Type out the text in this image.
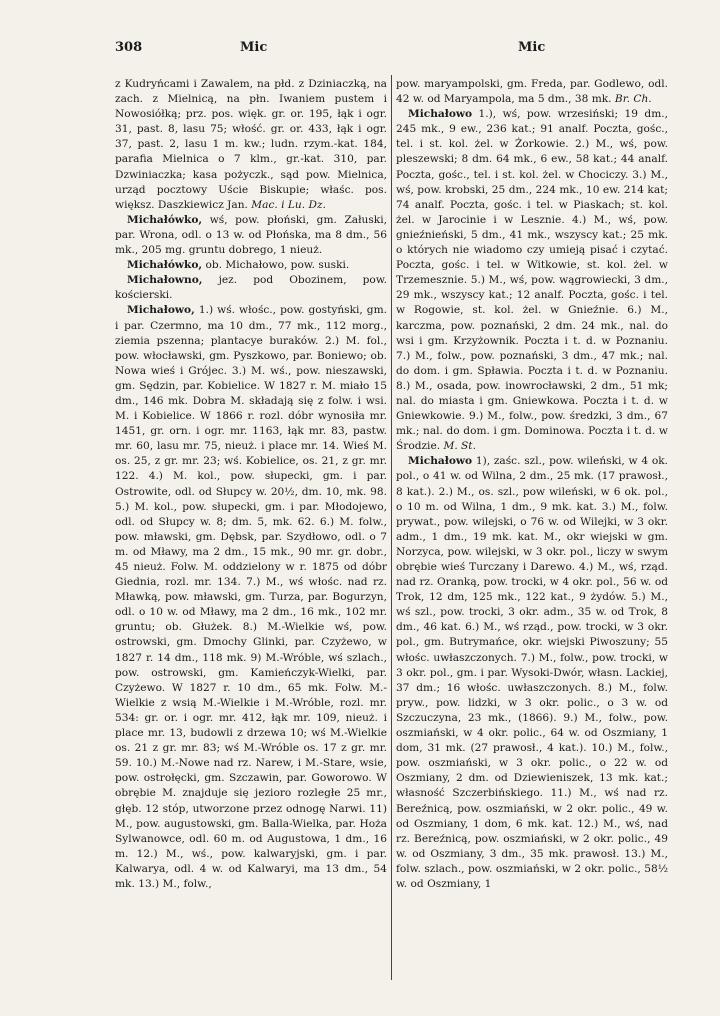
308	Mic	Mic

z Kudryńcami i Zawalem, na płd. z Dziniaczką, na zach. z Mielnicą, na płn. Iwaniem pustem i Nowosiółką; prz. pos. więk. gr. or. 195, łąk i ogr. 31, past. 8, lasu 75; włość. gr. or. 433, łąk i ogr. 37, past. 2, lasu 1 m. kw.; ludn. rzym.-kat. 184, parafia Mielnica o 7 klm., gr.-kat. 310, par. Dzwiniaczka; kasa pożyczk., sąd pow. Mielnica, urząd pocztowy Uście Biskupie; właśc. pos. większ. Daszkiewicz Jan. Mac. i Lu. Dz.

Michałówko, wś, pow. płoński, gm. Załuski, par. Wrona, odl. o 13 w. od Płońska, ma 8 dm., 56 mk., 205 mg. gruntu dobrego, 1 nieuż.

Michałówko, ob. Michałowo, pow. suski.

Michałowno, jez. pod Obozinem, pow. kościerski.

Michałowo, 1.) wś. włośc., pow. gostyński, gm. i par. Czermno, ma 10 dm., 77 mk., 112 morg., ziemia pszenna; plantacye buraków. 2.) M. fol., pow. włocławski, gm. Pyszkowo, par. Boniewo; ob. Nowa wieś i Grójec. 3.) M. wś., pow. nieszawski, gm. Sędzin, par. Kobielice. W 1827 r. M. miało 15 dm., 146 mk. Dobra M. składają się z folw. i wsi. M. i Kobielice. W 1866 r. rozl. dóbr wynosiła mr. 1451, gr. orn. i ogr. mr. 1163, łąk mr. 83, pastw. mr. 60, lasu mr. 75, nieuż. i place mr. 14. Wieś M. os. 25, z gr. mr. 23; wś. Kobielice, os. 21, z gr. mr. 122. 4.) M. kol., pow. słupecki, gm. i par. Ostrowite, odl. od Słupcy w. 20½, dm. 10, mk. 98. 5.) M. kol., pow. słupecki, gm. i par. Młodojewo, odl. od Słupcy w. 8; dm. 5, mk. 62. 6.) M. folw., pow. mławski, gm. Dębsk, par. Szydłowo, odl. o 7 m. od Mławy, ma 2 dm., 15 mk., 90 mr. gr. dobr., 45 nieuż. Folw. M. oddzielony w r. 1875 od dóbr Giednia, rozl. mr. 134. 7.) M., wś włośc. nad rz. Mławką, pow. mławski, gm. Turza, par. Bogurzyn, odl. o 10 w. od Mławy, ma 2 dm., 16 mk., 102 mr. gruntu; ob. Głużek. 8.) M.-Wielkie wś, pow. ostrowski, gm. Dmochy Glinki, par. Czyżewo, w 1827 r. 14 dm., 118 mk. 9) M.-Wróble, wś szlach., pow. ostrowski, gm. Kamieńczyk-Wielki, par. Czyżewo. W 1827 r. 10 dm., 65 mk. Folw. M.-Wielkie z wsią M.-Wielkie i M.-Wróble, rozl. mr. 534: gr. or. i ogr. mr. 412, łąk mr. 109, nieuż. i place mr. 13, budowli z drzewa 10; wś M.-Wielkie os. 21 z gr. mr. 83; wś M.-Wróble os. 17 z gr. mr. 59. 10.) M.-Nowe nad rz. Narew, i M.-Stare, wsie, pow. ostrołęcki, gm. Szczawin, par. Goworowo. W obrębie M. znajduje się jezioro rozległe 25 mr., głęb. 12 stóp, utworzone przez odnogę Narwi. 11) M., pow. augustowski, gm. Balla-Wielka, par. Hoża Sylwanowce, odl. 60 m. od Augustowa, 1 dm., 16 m. 12.) M., wś., pow. kalwaryjski, gm. i par. Kalwarya, odl. 4 w. od Kalwaryi, ma 13 dm., 54 mk. 13.) M., folw.,

pow. maryampolski, gm. Freda, par. Godlewo, odl. 42 w. od Maryampola, ma 5 dm., 38 mk. Br. Ch.

Michałowo 1.), wś, pow. wrzesiński; 19 dm., 245 mk., 9 ew., 236 kat.; 91 analf. Poczta, gośc., tel. i st. kol. żel. w Żorkowie. 2.) M., wś, pow. pleszewski; 8 dm. 64 mk., 6 ew., 58 kat.; 44 analf. Poczta, gośc., tel. i st. kol. żel. w Chociczy. 3.) M., wś, pow. krobski, 25 dm., 224 mk., 10 ew. 214 kat; 74 analf. Poczta, gośc. i tel. w Piaskach; st. kol. żel. w Jarocinie i w Lesznie. 4.) M., wś, pow. gnieźnieński, 5 dm., 41 mk., wszyscy kat.; 25 mk. o których nie wiadomo czy umieją pisać i czytać. Poczta, gośc. i tel. w Witkowie, st. kol. żel. w Trzemesznie. 5.) M., wś, pow. wągrowiecki, 3 dm., 29 mk., wszyscy kat.; 12 analf. Poczta, gośc. i tel. w Rogowie, st. kol. żel. w Gnieźnie. 6.) M., karczma, pow. poznański, 2 dm. 24 mk., nal. do wsi i gm. Krzyżownik. Poczta i t. d. w Poznaniu. 7.) M., folw., pow. poznański, 3 dm., 47 mk.; nal. do dom. i gm. Spławia. Poczta i t. d. w Poznaniu. 8.) M., osada, pow. inowrocławski, 2 dm., 51 mk; nal. do miasta i gm. Gniewkowa. Poczta i t. d. w Gniewkowie. 9.) M., folw., pow. średzki, 3 dm., 67 mk.; nal. do dom. i gm. Dominowa. Poczta i t. d. w Środzie. M. St.

Michałowo 1), zaśc. szl., pow. wileński, w 4 ok. pol., o 41 w. od Wilna, 2 dm., 25 mk. (17 prawosł., 8 kat.). 2.) M., os. szl., pow wileński, w 6 ok. pol., o 10 m. od Wilna, 1 dm., 9 mk. kat. 3.) M., folw. prywat., pow. wilejski, o 76 w. od Wilejki, w 3 okr. adm., 1 dm., 19 mk. kat. M., okr wiejski w gm. Norzyca, pow. wilejski, w 3 okr. pol., liczy w swym obrębie wieś Turczany i Darewo. 4.) M., wś, rząd. nad rz. Oranką, pow. trocki, w 4 okr. pol., 56 w. od Trok, 12 dm, 125 mk., 122 kat., 9 żydów. 5.) M., wś szl., pow. trocki, 3 okr. adm., 35 w. od Trok, 8 dm., 46 kat. 6.) M., wś rząd., pow. trocki, w 3 okr. pol., gm. Butrymańce, okr. wiejski Piwoszuny; 55 włośc. uwłaszczonych. 7.) M., folw., pow. trocki, w 3 okr. pol., gm. i par. Wysoki-Dwór, własn. Lackiej, 37 dm.; 16 włośc. uwłaszczonych. 8.) M., folw. pryw., pow. lidzki, w 3 okr. polic., o 3 w. od Szczuczyna, 23 mk., (1866). 9.) M., folw., pow. oszmiański, w 4 okr. polic., 64 w. od Oszmiany, 1 dom, 31 mk. (27 prawosł., 4 kat.). 10.) M., folw., pow. oszmiański, w 3 okr. polic., o 22 w. od Oszmiany, 2 dm. od Dziewieniszek, 13 mk. kat.; własność Szczerbińskiego. 11.) M., wś nad rz. Bereźnicą, pow. oszmiański, w 2 okr. polic., 49 w. od Oszmiany, 1 dom, 6 mk. kat. 12.) M., wś, nad rz. Bereźnicą, pow. oszmiański, w 2 okr. polic., 49 w. od Oszmiany, 3 dm., 35 mk. prawosł. 13.) M., folw. szlach., pow. oszmiański, w 2 okr. polic., 58½ w. od Oszmiany, 1
